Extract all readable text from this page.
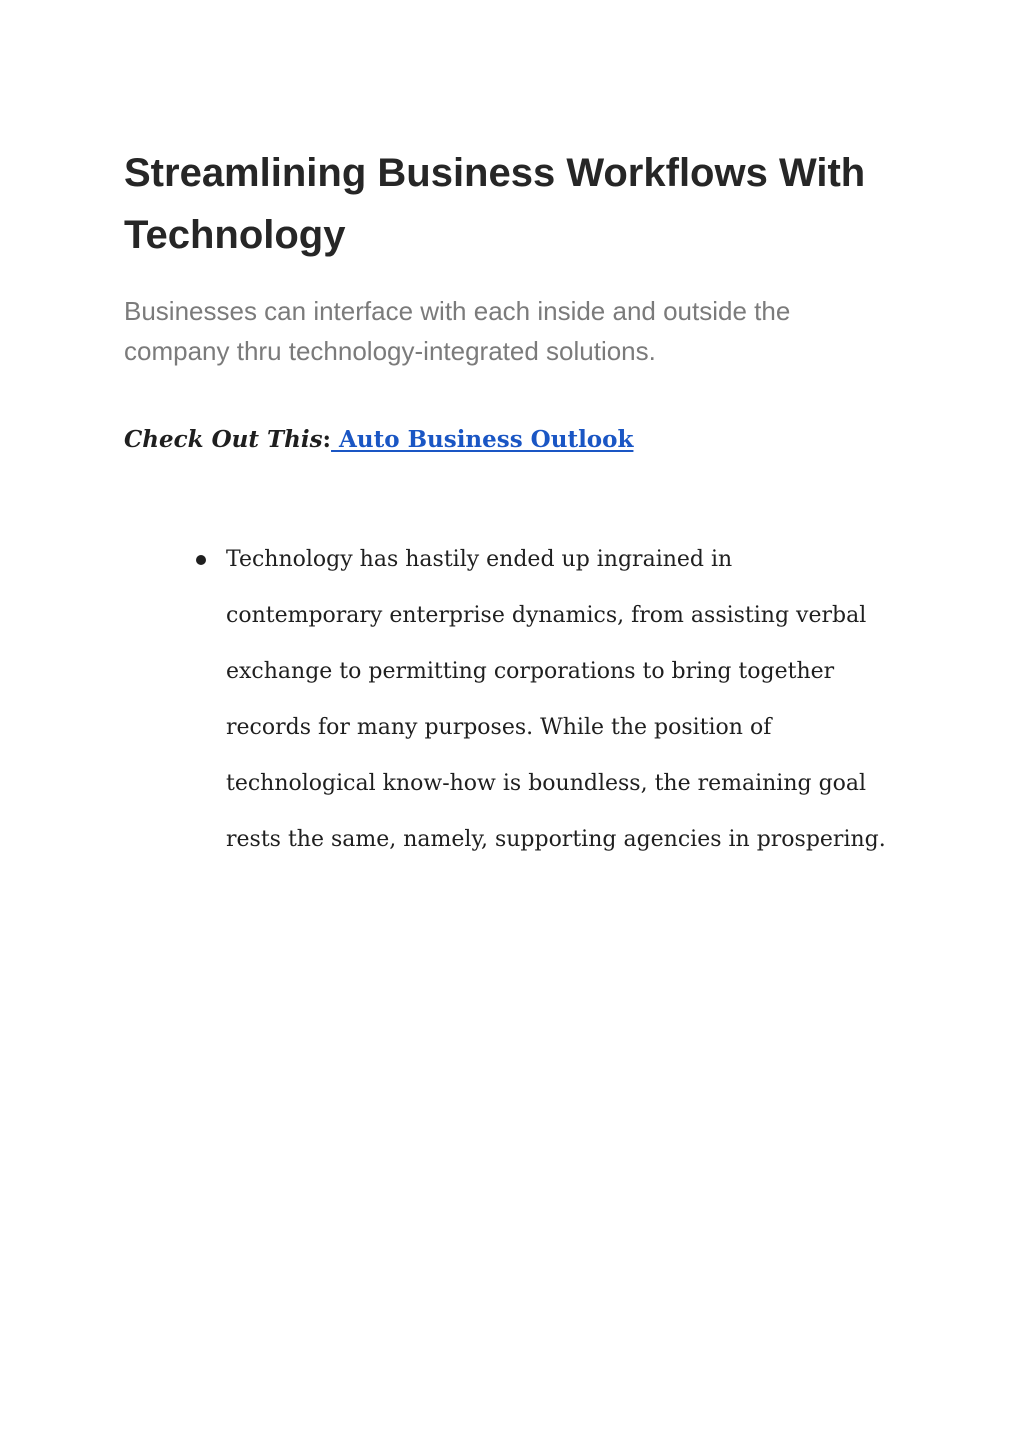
Streamlining Business Workflows With
Technology

Businesses can interface with each inside and outside the
company thru technology-integrated solutions.

Check Out This: Auto Business Outlook

Technology has hastily ended up ingrained in
contemporary enterprise dynamics, from assisting verbal
exchange to permitting corporations to bring together
records for many purposes. While the position of
technological know-how is boundless, the remaining goal
rests the same, namely, supporting agencies in prospering.
